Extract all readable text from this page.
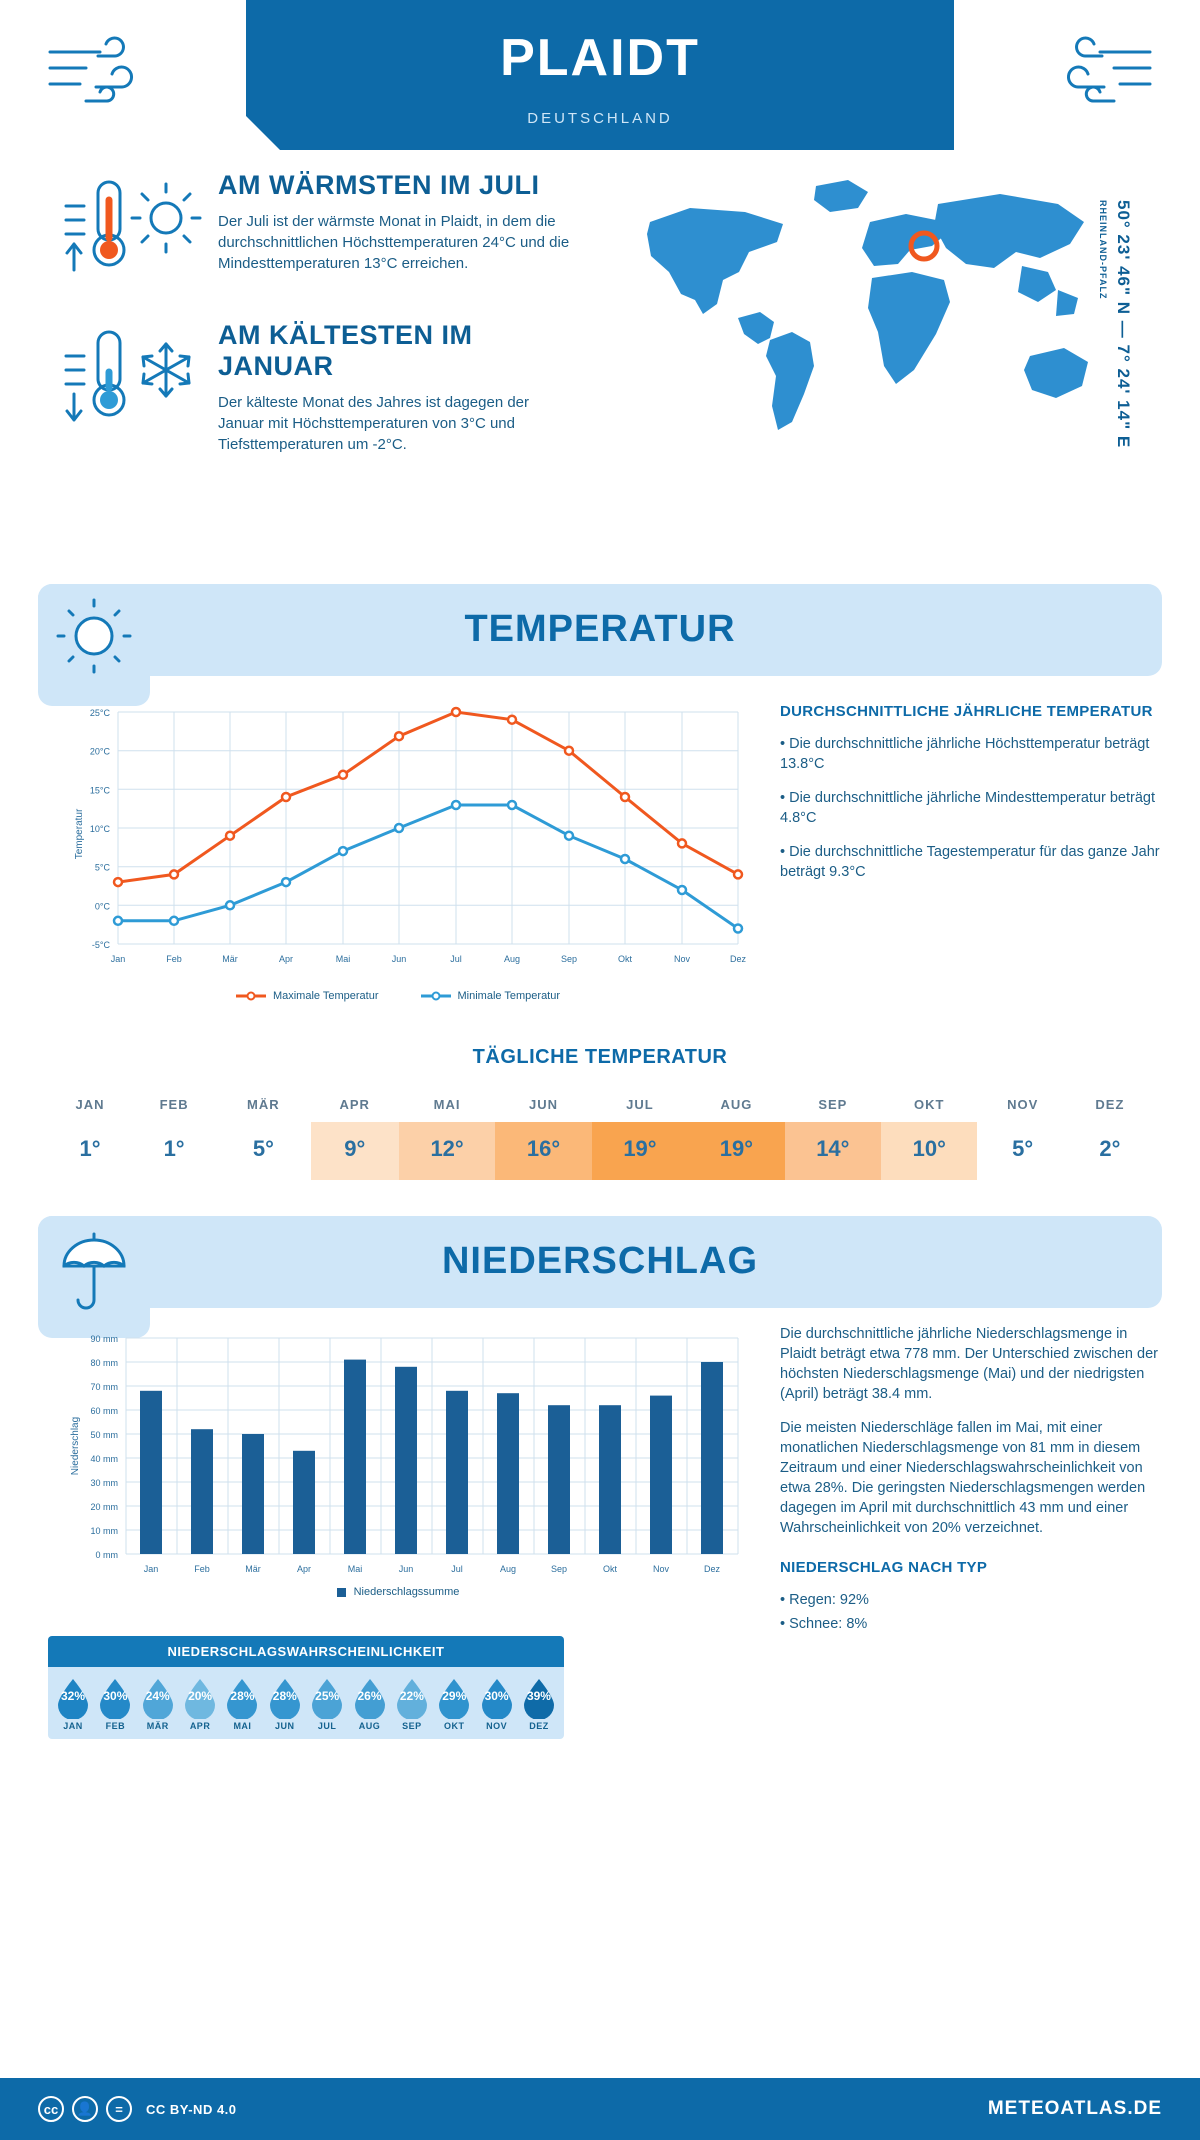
PLAIDT
DEUTSCHLAND
AM WÄRMSTEN IM JULI

Der Juli ist der wärmste Monat in Plaidt, in dem die durchschnittlichen Höchsttemperaturen 24°C und die Mindesttemperaturen 13°C erreichen.

AM KÄLTESTEN IM JANUAR

Der kälteste Monat des Jahres ist dagegen der Januar mit Höchsttemperaturen von 3°C und Tiefsttemperaturen um -2°C.	50° 23' 46" N — 7° 24' 14" E RHEINLAND-PFALZ
TEMPERATUR
25°C
20°C
15°C
10°C
5°C
0°C
-5°C
Jan	Feb	Mär	Apr	Mai	Jun	Jul	Aug	Sep	Okt	Nov	Dez
Temperatur
Maximale Temperatur	Minimale Temperatur

DURCHSCHNITTLICHE JÄHRLICHE TEMPERATUR

• Die durchschnittliche jährliche Höchsttemperatur beträgt 13.8°C

• Die durchschnittliche jährliche Mindesttemperatur beträgt 4.8°C

• Die durchschnittliche Tagestemperatur für das ganze Jahr beträgt 9.3°C

TÄGLICHE TEMPERATUR
JAN	FEB	MÄR	APR	MAI	JUN	JUL	AUG	SEP	OKT	NOV	DEZ
1°	1°	5°	9°	12°	16°	19°	19°	14°	10°	5°	2°
NIEDERSCHLAG
90 mm
80 mm
70 mm
60 mm
50 mm
40 mm
30 mm
20 mm
10 mm
0 mm
Jan	Feb	Mär	Apr	Mai	Jun	Jul	Aug	Sep	Okt	Nov	Dez
Niederschlag
Niederschlagssumme

Die durchschnittliche jährliche Niederschlagsmenge in Plaidt beträgt etwa 778 mm. Der Unterschied zwischen der höchsten Niederschlagsmenge (Mai) und der niedrigsten (April) beträgt 38.4 mm.

Die meisten Niederschläge fallen im Mai, mit einer monatlichen Niederschlagsmenge von 81 mm in diesem Zeitraum und einer Niederschlagswahrscheinlichkeit von etwa 28%. Die geringsten Niederschlagsmengen werden dagegen im April mit durchschnittlich 43 mm und einer Wahrscheinlichkeit von 20% verzeichnet.

NIEDERSCHLAG NACH TYP

• Regen: 92%

• Schnee: 8%

NIEDERSCHLAGSWAHRSCHEINLICHKEIT
32%
JAN
30%
FEB
24%
MÄR
20%
APR
28%
MAI
28%
JUN
25%
JUL
26%
AUG
22%
SEP
29%
OKT
30%
NOV
39%
DEZ
cc	👤	=	CC BY-ND 4.0	METEOATLAS.DE
